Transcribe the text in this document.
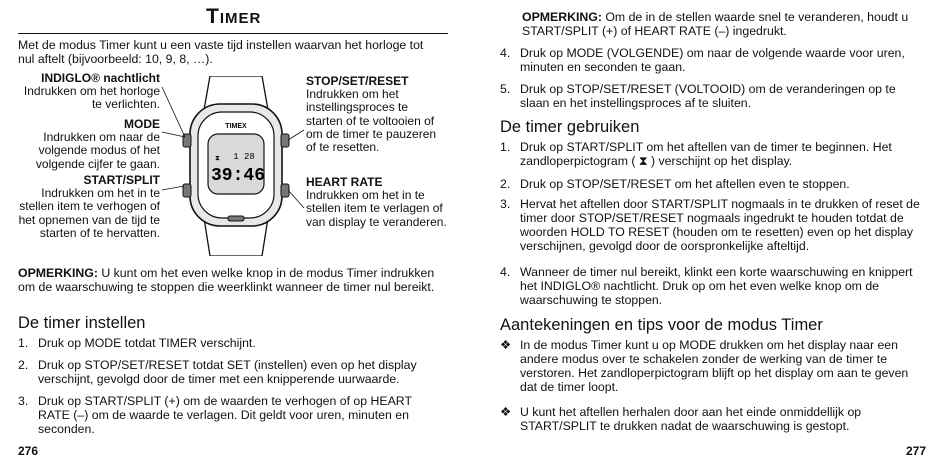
Timer

Met de modus Timer kunt u een vaste tijd instellen waarvan het horloge tot nul aftelt (bijvoorbeeld: 10, 9, 8, …).

INDIGLO® nachtlicht Indrukken om het horloge te verlichten.
MODE
Indrukken om naar de volgende modus of het volgende cijfer te gaan.
START/SPLIT
Indrukken om het in te stellen item te verhogen of het opnemen van de tijd te starten of te hervatten.
STOP/SET/RESET
Indrukken om het instellingsproces te starten of te voltooien of om de timer te pauzeren of te resetten.
HEART RATE
Indrukken om het in te stellen item te verlagen of van display te veranderen.
TIMEX
1 28
39:46
⧗

OPMERKING: U kunt om het even welke knop in de modus Timer indrukken om de waarschuwing te stoppen die weerklinkt wanneer de timer nul bereikt.

De timer instellen
1. Druk op MODE totdat TIMER verschijnt.
2. Druk op STOP/SET/RESET totdat SET (instellen) even op het display verschijnt, gevolgd door de timer met een knipperende uurwaarde.
3. Druk op START/SPLIT (+) om de waarden te verhogen of op HEART RATE (–) om de waarde te verlagen. Dit geldt voor uren, minuten en seconden.
276

OPMERKING: Om de in de stellen waarde snel te veranderen, houdt u START/SPLIT (+) of HEART RATE (–) ingedrukt.

4. Druk op MODE (VOLGENDE) om naar de volgende waarde voor uren, minuten en seconden te gaan.
5. Druk op STOP/SET/RESET (VOLTOOID) om de veranderingen op te slaan en het instellingsproces af te sluiten.
De timer gebruiken
1. Druk op START/SPLIT om het aftellen van de timer te beginnen. Het zandloperpictogram ( ⧗ ) verschijnt op het display.
2. Druk op STOP/SET/RESET om het aftellen even te stoppen.
3. Hervat het aftellen door START/SPLIT nogmaals in te drukken of reset de timer door STOP/SET/RESET nogmaals ingedrukt te houden totdat de woorden HOLD TO RESET (houden om te resetten) even op het display verschijnen, gevolgd door de oorspronkelijke afteltijd.
4. Wanneer de timer nul bereikt, klinkt een korte waarschuwing en knippert het INDIGLO® nachtlicht. Druk op om het even welke knop om de waarschuwing te stoppen.
Aantekeningen en tips voor de modus Timer
❖ In de modus Timer kunt u op MODE drukken om het display naar een andere modus over te schakelen zonder de werking van de timer te verstoren. Het zandloperpictogram blijft op het display om aan te geven dat de timer loopt.
❖ U kunt het aftellen herhalen door aan het einde onmiddellijk op START/SPLIT te drukken nadat de waarschuwing is gestopt.
277
